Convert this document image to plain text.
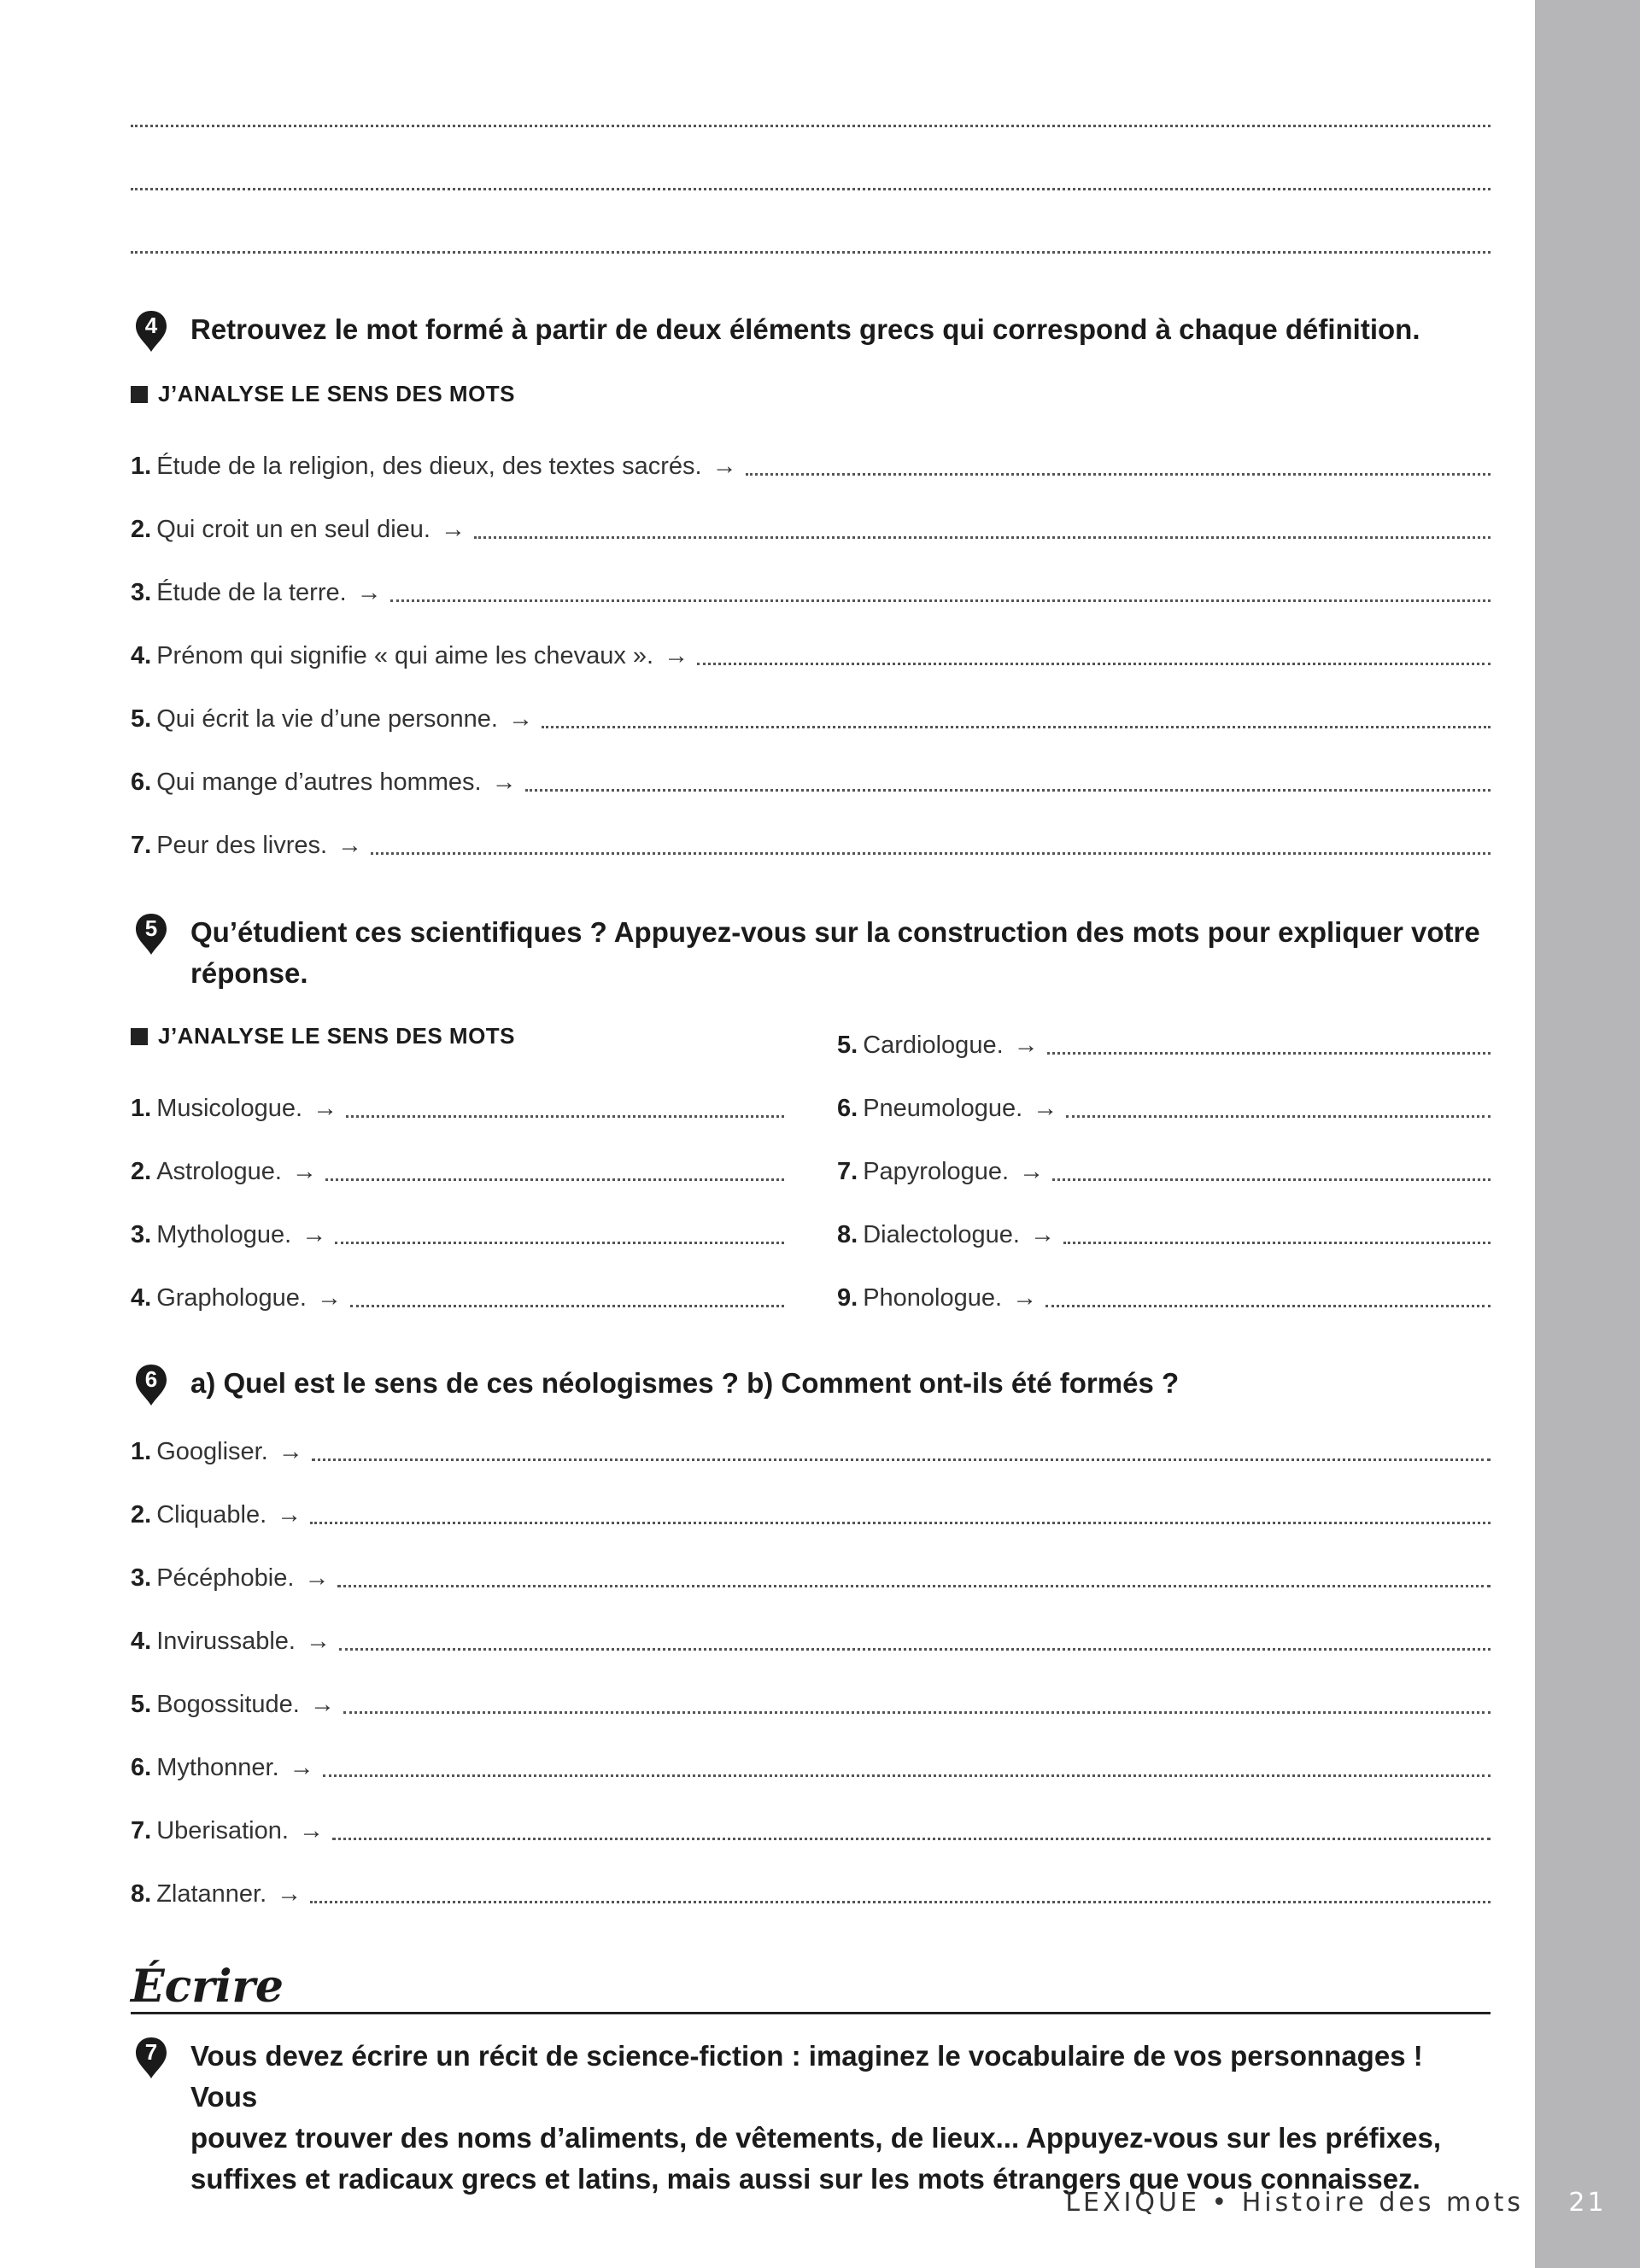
4	Retrouvez le mot formé à partir de deux éléments grecs qui correspond à chaque définition.
J’ANALYSE LE SENS DES MOTS
1. Étude de la religion, des dieux, des textes sacrés. →
2. Qui croit un en seul dieu. →
3. Étude de la terre. →
4. Prénom qui signifie « qui aime les chevaux ». →
5. Qui écrit la vie d’une personne. →
6. Qui mange d’autres hommes. →
7. Peur des livres. →
5	Qu’étudient ces scientifiques ? Appuyez-vous sur la construction des mots pour expliquer votre
réponse.
J’ANALYSE LE SENS DES MOTS
1. Musicologue. →
2. Astrologue. →
3. Mythologue. →
4. Graphologue. →
5. Cardiologue. →
6. Pneumologue. →
7. Papyrologue. →
8. Dialectologue. →
9. Phonologue. →
6	a) Quel est le sens de ces néologismes ? b) Comment ont-ils été formés ?
1. Googliser. →
2. Cliquable. →
3. Pécéphobie. →
4. Invirussable. →
5. Bogossitude. →
6. Mythonner. →
7. Uberisation. →
8. Zlatanner. →
Écrire
7	Vous devez écrire un récit de science-fiction : imaginez le vocabulaire de vos personnages ! Vous
pouvez trouver des noms d’aliments, de vêtements, de lieux... Appuyez-vous sur les préfixes,
suffixes et radicaux grecs et latins, mais aussi sur les mots étrangers que vous connaissez.
LEXIQUE • Histoire des mots	21
